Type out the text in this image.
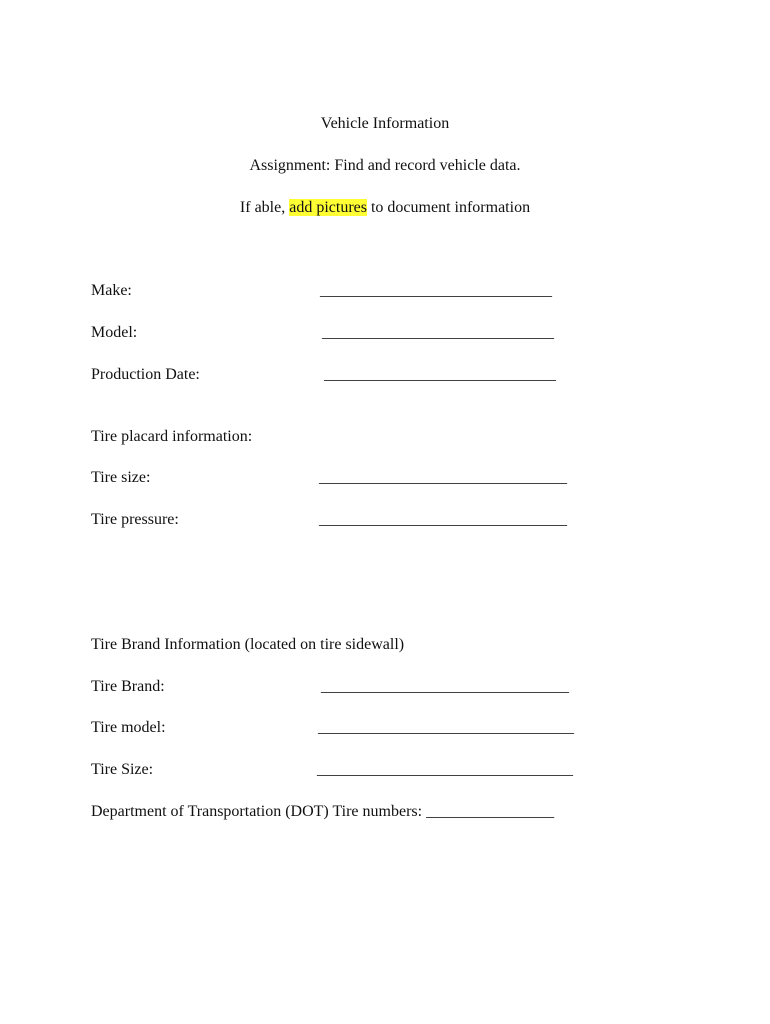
Vehicle Information
Assignment: Find and record vehicle data.
If able, add pictures to document information
Make:	_____________________________
Model:	_____________________________
Production Date:	_____________________________
Tire placard information:
Tire size:	_______________________________
Tire pressure:	_______________________________
Tire Brand Information (located on tire sidewall)
Tire Brand:	_______________________________
Tire model:	________________________________
Tire Size:	________________________________
Department of Transportation (DOT) Tire numbers: ________________
